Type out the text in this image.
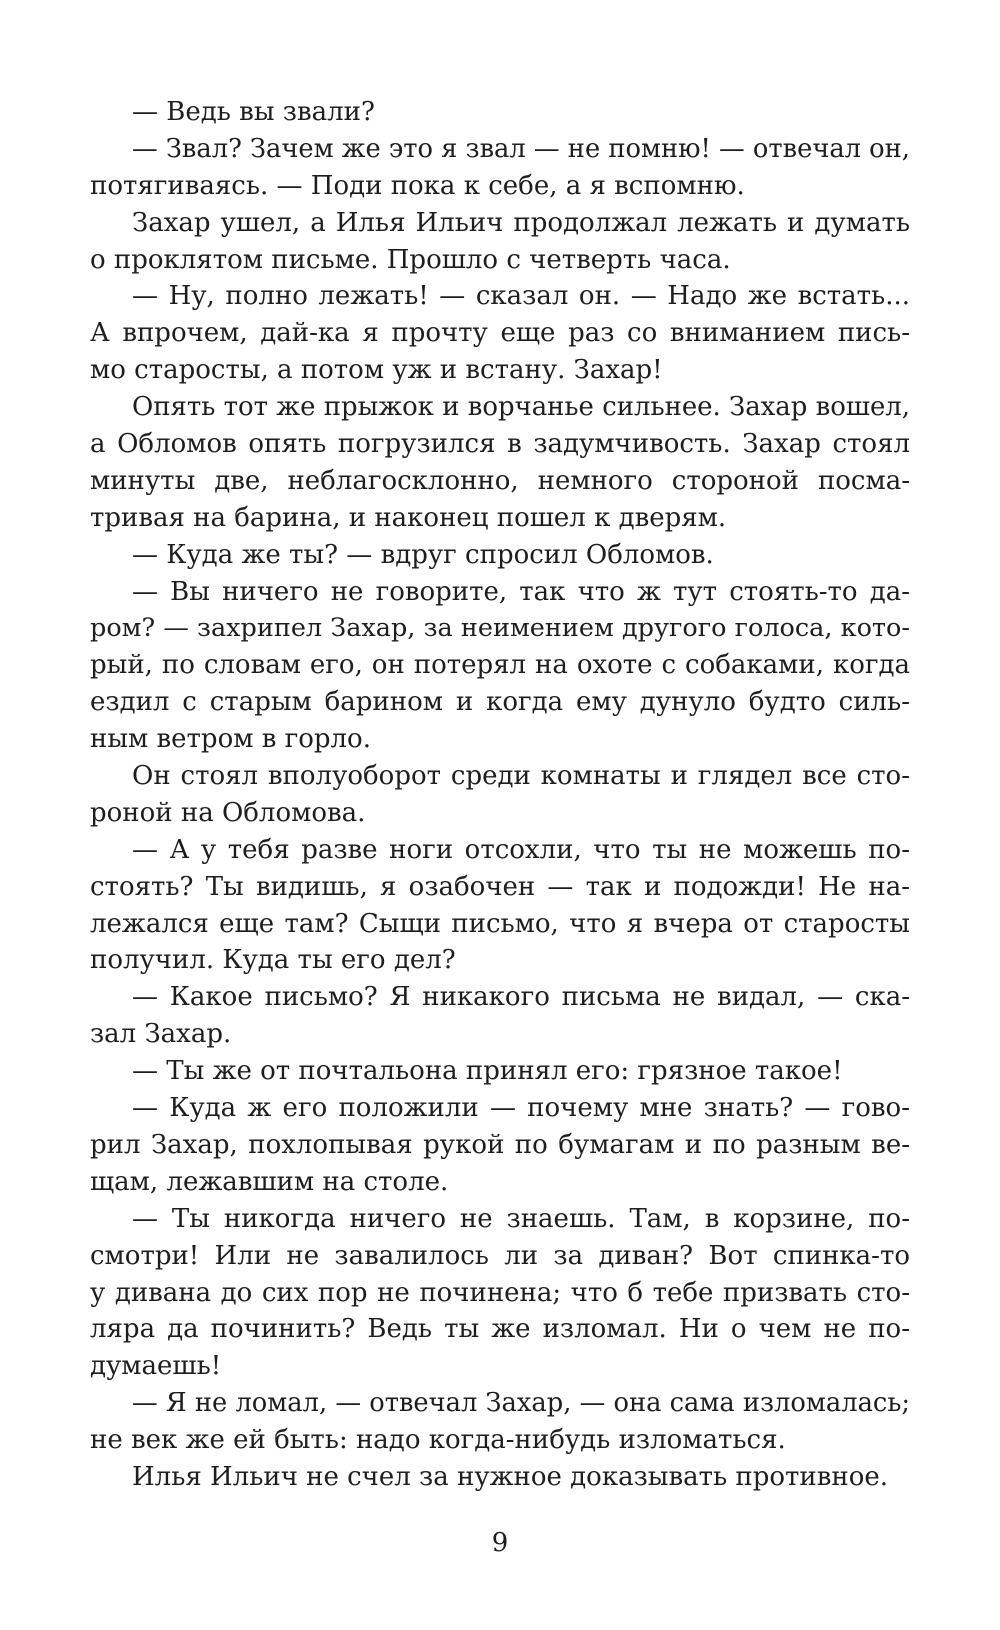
— Ведь вы звали?
— Звал? Зачем же это я звал — не помню! — отвечал он,
потягиваясь. — Поди пока к себе, а я вспомню.
Захар ушел, а Илья Ильич продолжал лежать и думать
о проклятом письме. Прошло с четверть часа.
— Ну, полно лежать! — сказал он. — Надо же встать...
А впрочем, дай-ка я прочту еще раз со вниманием пись-
мо старосты, а потом уж и встану. Захар!
Опять тот же прыжок и ворчанье сильнее. Захар вошел,
а Обломов опять погрузился в задумчивость. Захар стоял
минуты две, неблагосклонно, немного стороной посма-
тривая на барина, и наконец пошел к дверям.
— Куда же ты? — вдруг спросил Обломов.
— Вы ничего не говорите, так что ж тут стоять-то да-
ром? — захрипел Захар, за неимением другого голоса, кото-
рый, по словам его, он потерял на охоте с собаками, когда
ездил с старым барином и когда ему дунуло будто силь-
ным ветром в горло.
Он стоял вполуоборот среди комнаты и глядел все сто-
роной на Обломова.
— А у тебя разве ноги отсохли, что ты не можешь по-
стоять? Ты видишь, я озабочен — так и подожди! Не на-
лежался еще там? Сыщи письмо, что я вчера от старосты
получил. Куда ты его дел?
— Какое письмо? Я никакого письма не видал, — ска-
зал Захар.
— Ты же от почтальона принял его: грязное такое!
— Куда ж его положили — почему мне знать? — гово-
рил Захар, похлопывая рукой по бумагам и по разным ве-
щам, лежавшим на столе.
— Ты никогда ничего не знаешь. Там, в корзине, по-
смотри! Или не завалилось ли за диван? Вот спинка-то
у дивана до сих пор не починена; что б тебе призвать сто-
ляра да починить? Ведь ты же изломал. Ни о чем не по-
думаешь!
— Я не ломал, — отвечал Захар, — она сама изломалась;
не век же ей быть: надо когда-нибудь изломаться.
Илья Ильич не счел за нужное доказывать противное.
9
